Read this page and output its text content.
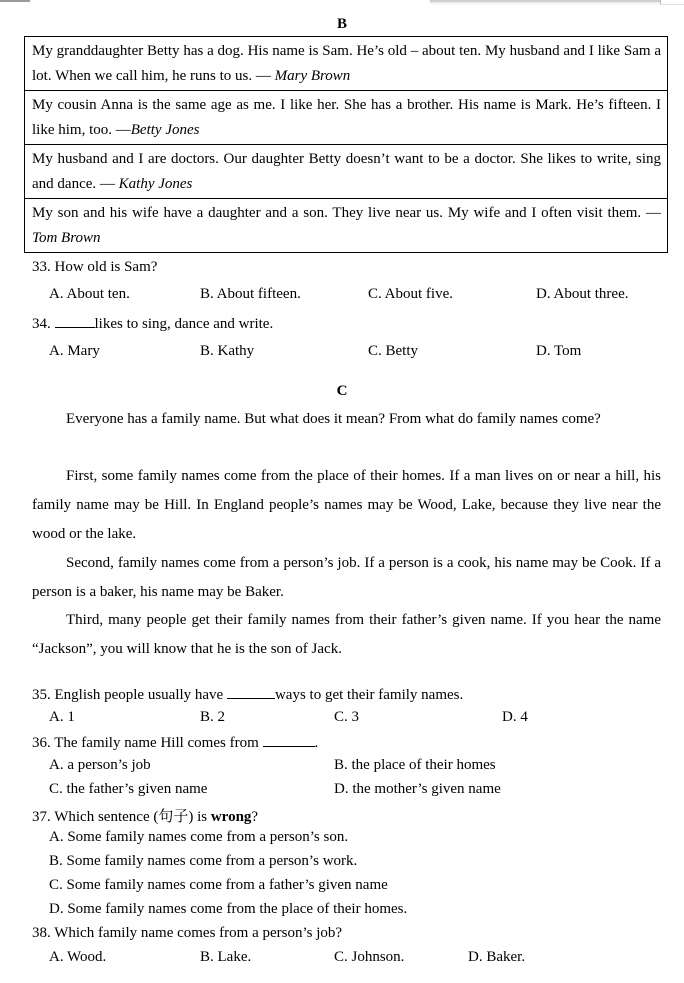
B
My granddaughter Betty has a dog. His name is Sam. He’s old – about ten. My husband and I like Sam a lot. When we call him, he runs to us. — Mary Brown
My cousin Anna is the same age as me. I like her. She has a brother. His name is Mark. He’s fifteen. I like him, too. —Betty Jones
My husband and I are doctors. Our daughter Betty doesn’t want to be a doctor. She likes to write, sing and dance. — Kathy Jones
My son and his wife have a daughter and a son. They live near us. My wife and I often visit them. — Tom Brown
33. How old is Sam?
A. About ten.	B. About fifteen.	C. About five.	D. About three.
34.	likes to sing, dance and write.
A. Mary	B. Kathy	C. Betty	D. Tom
C
Everyone has a family name. But what does it mean? From what do family names come?
First, some family names come from the place of their homes. If a man lives on or near a hill, his family name may be Hill. In England people’s names may be Wood, Lake, because they live near the wood or the lake.
Second, family names come from a person’s job. If a person is a cook, his name may be Cook. If a person is a baker, his name may be Baker.
Third, many people get their family names from their father’s given name. If you hear the name “Jackson”, you will know that he is the son of Jack.
35. English people usually have	ways to get their family names.
A. 1	B. 2	C. 3	D. 4
36. The family name Hill comes from	.
A. a person’s job	B. the place of their homes
C. the father’s given name	D. the mother’s given name
37. Which sentence (句子) is wrong?
A. Some family names come from a person’s son.
B. Some family names come from a person’s work.
C. Some family names come from a father’s given name
D. Some family names come from the place of their homes.
38. Which family name comes from a person’s job?
A. Wood.	B. Lake.	C. Johnson.	D. Baker.
